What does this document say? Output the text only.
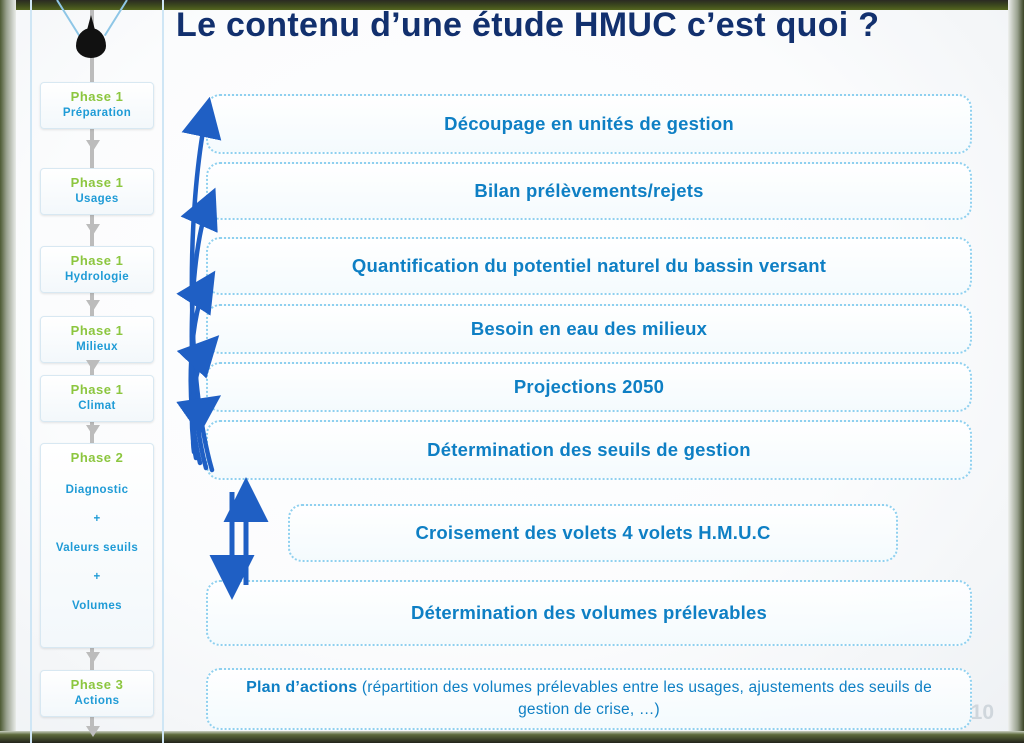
Le contenu d’une étude HMUC c’est quoi ?
Phase 1
Préparation
Phase 1
Usages
Phase 1
Hydrologie
Phase 1
Milieux
Phase 1
Climat
Phase 2
Diagnostic
+
Valeurs seuils
+
Volumes
Phase 3
Actions
Découpage en unités de gestion
Bilan prélèvements/rejets
Quantification du potentiel naturel du bassin versant
Besoin en eau des milieux
Projections 2050
Détermination des seuils de gestion
Croisement des volets 4 volets H.M.U.C
Détermination des volumes prélevables
Plan d’actions (répartition des volumes prélevables entre les usages, ajustements des seuils de gestion de crise, …)	10
